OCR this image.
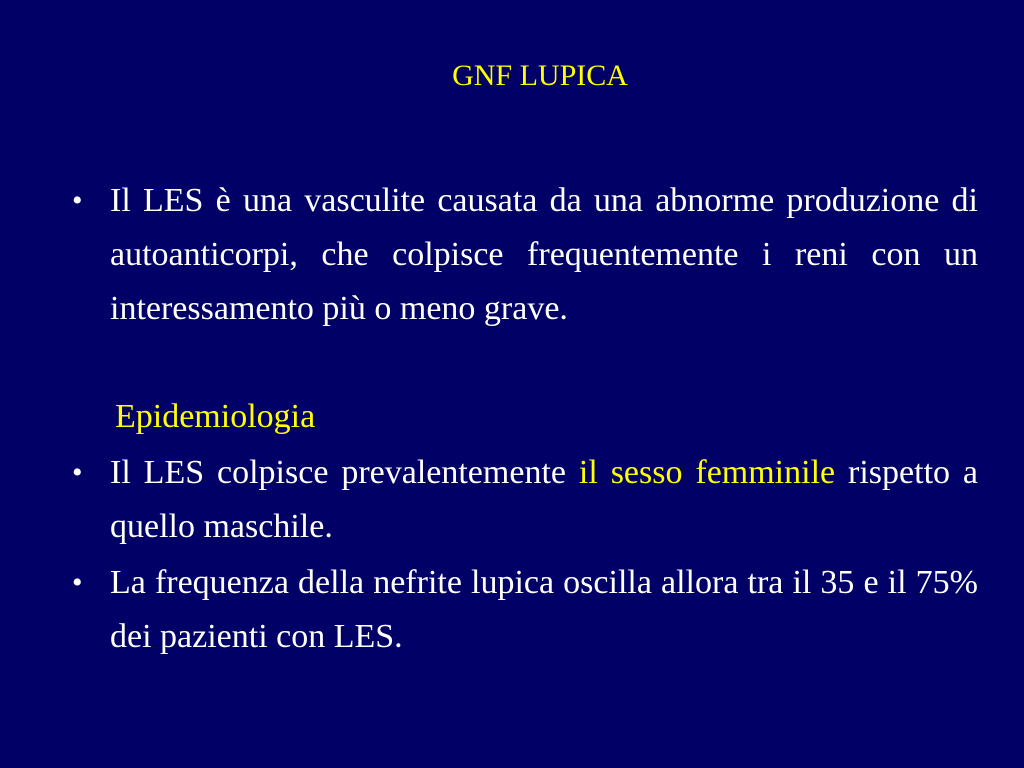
GNF LUPICA
• Il LES è una vasculite causata da una abnorme produzione di autoanticorpi, che colpisce frequentemente i reni con un interessamento più o meno grave.

Epidemiologia
• Il LES colpisce prevalentemente il sesso femminile rispetto a quello maschile.

• La frequenza della nefrite lupica oscilla allora tra il 35 e il 75% dei pazienti con LES.
